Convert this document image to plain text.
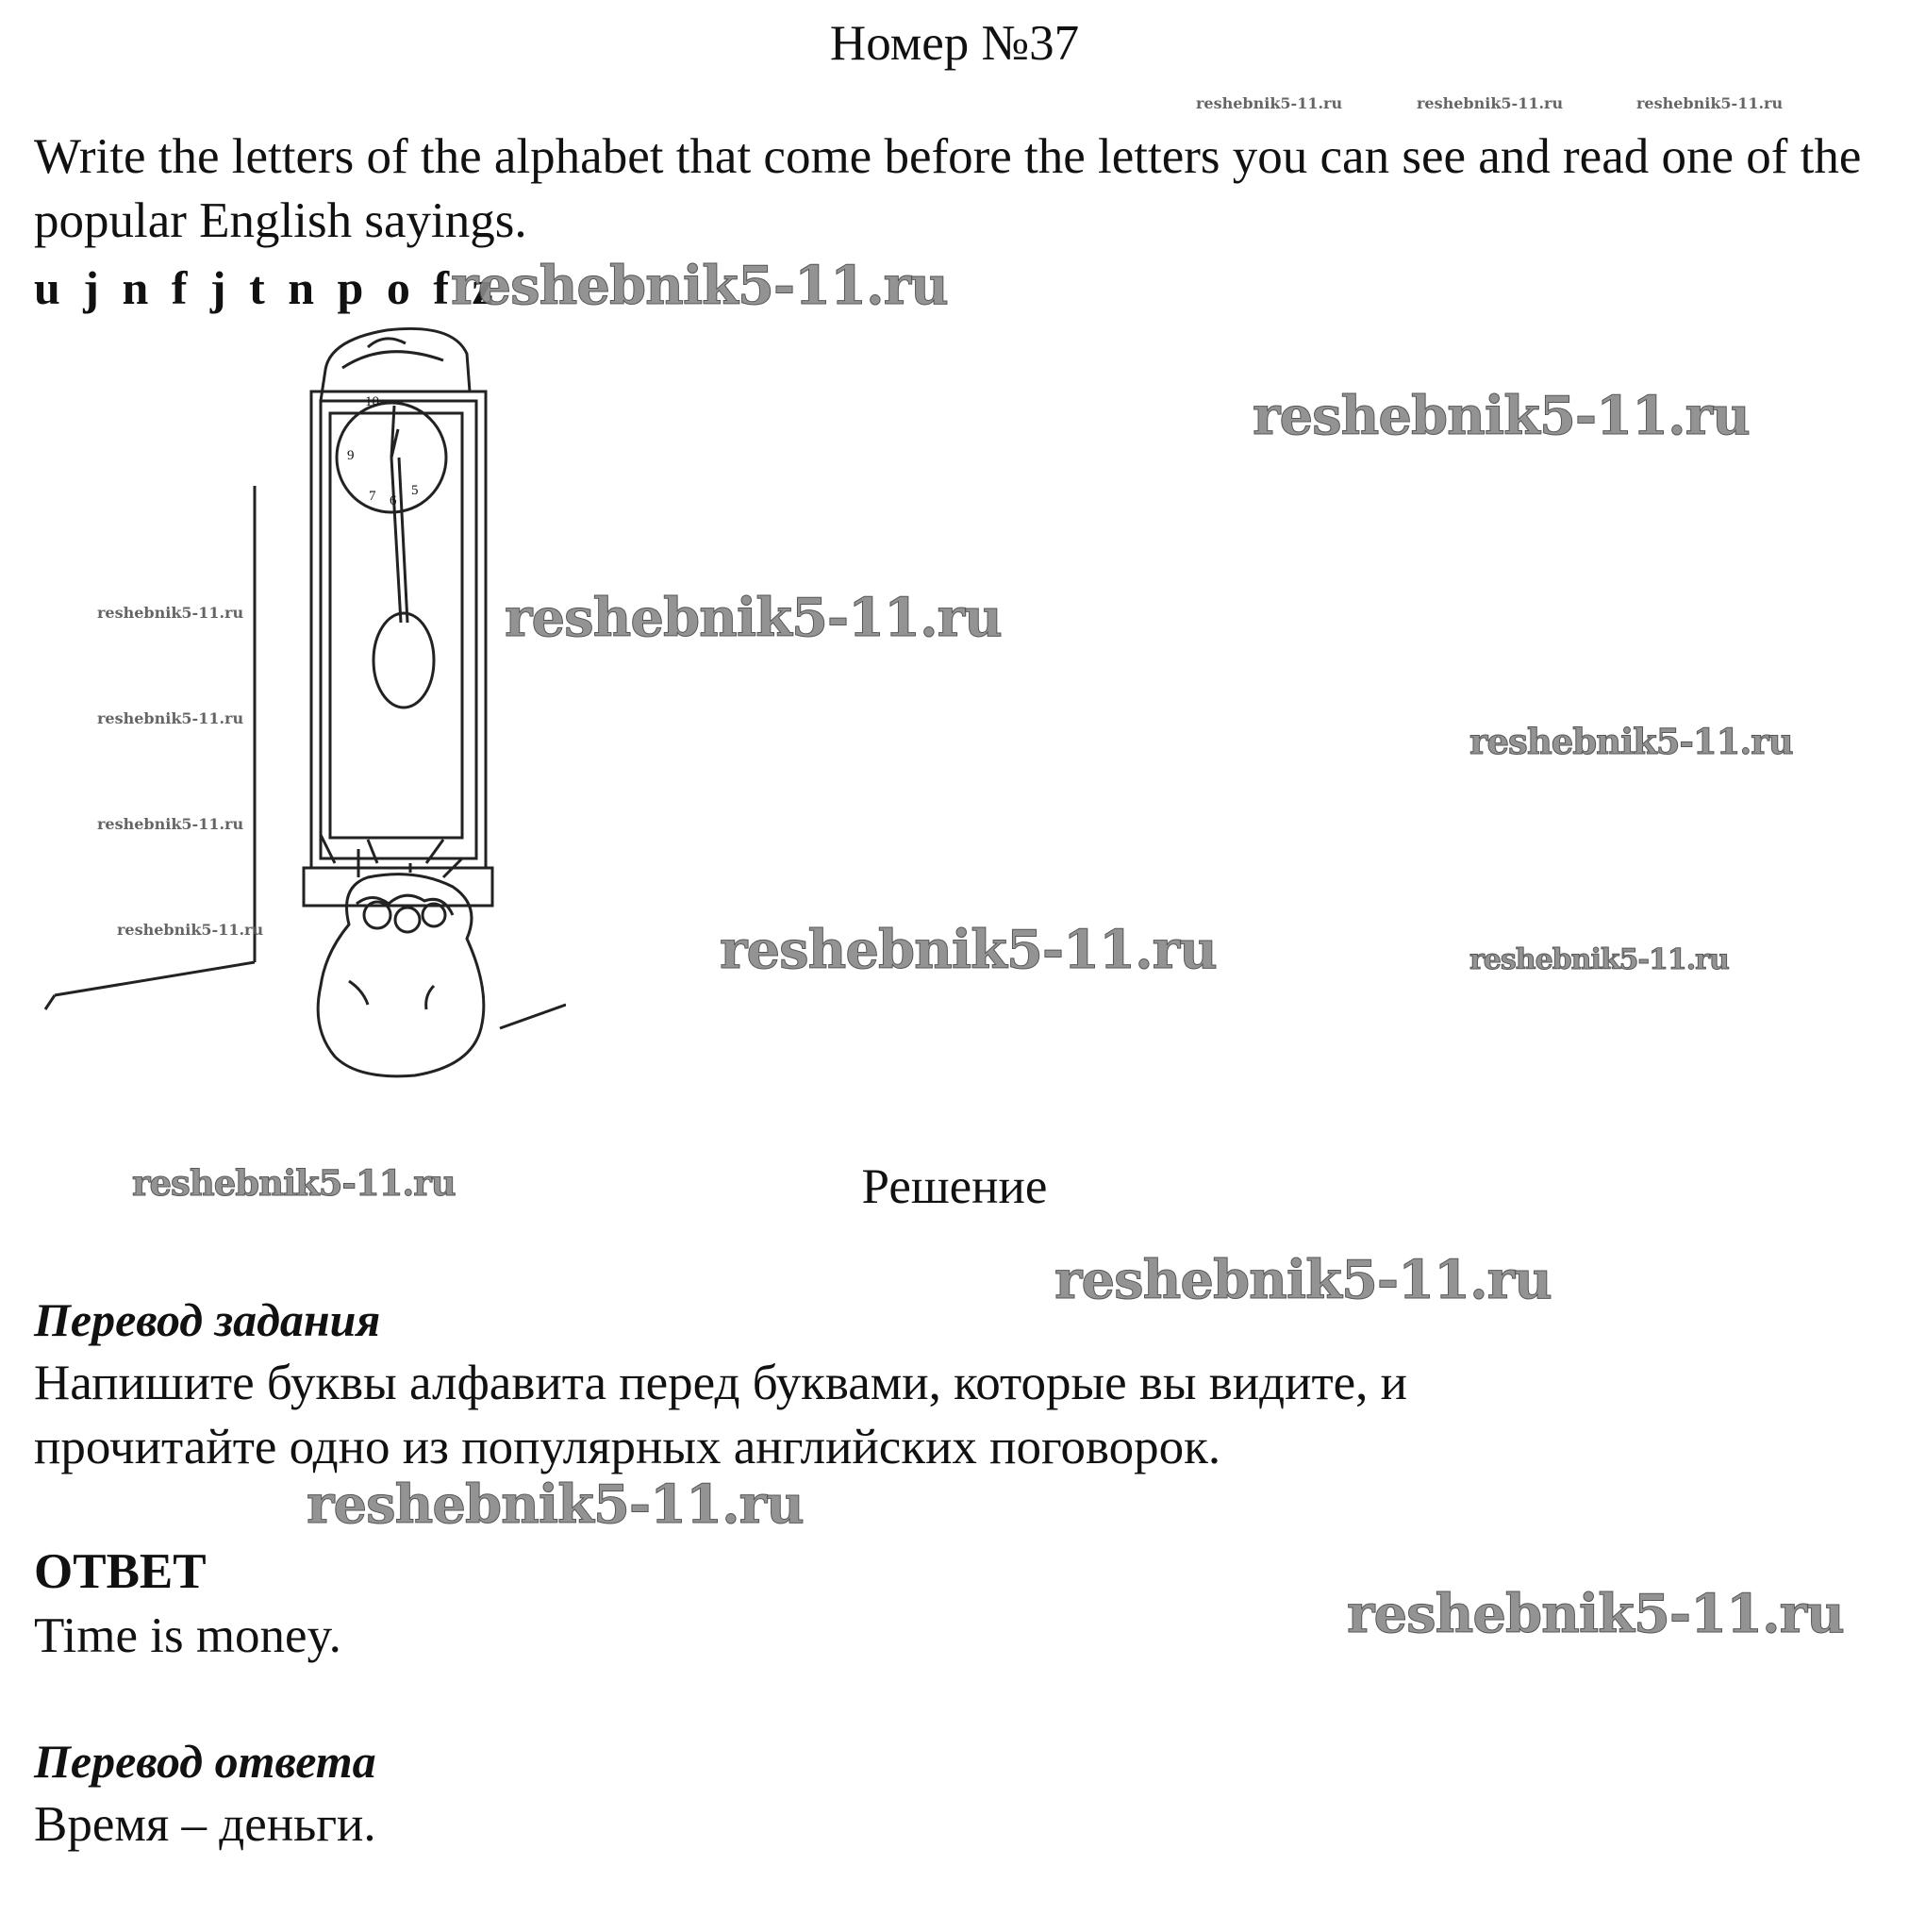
Номер №37
reshebnik5-11.ru	reshebnik5-11.ru	reshebnik5-11.ru
Write the letters of the alphabet that come before the letters you can see and read one of the popular English sayings.
u j n f j t n p o f z
reshebnik5-11.ru
10
9
7 6
5
reshebnik5-11.ru
reshebnik5-11.ru
reshebnik5-11.ru
reshebnik5-11.ru
reshebnik5-11.ru
reshebnik5-11.ru
reshebnik5-11.ru
reshebnik5-11.ru	reshebnik5-11.ru
reshebnik5-11.ru	Решение
reshebnik5-11.ru
Перевод задания
Напишите буквы алфавита перед буквами, которые вы видите, и прочитайте одно из популярных английских поговорок.
reshebnik5-11.ru
ОТВЕТ
Time is money.	reshebnik5-11.ru
Перевод ответа
Время – деньги.
